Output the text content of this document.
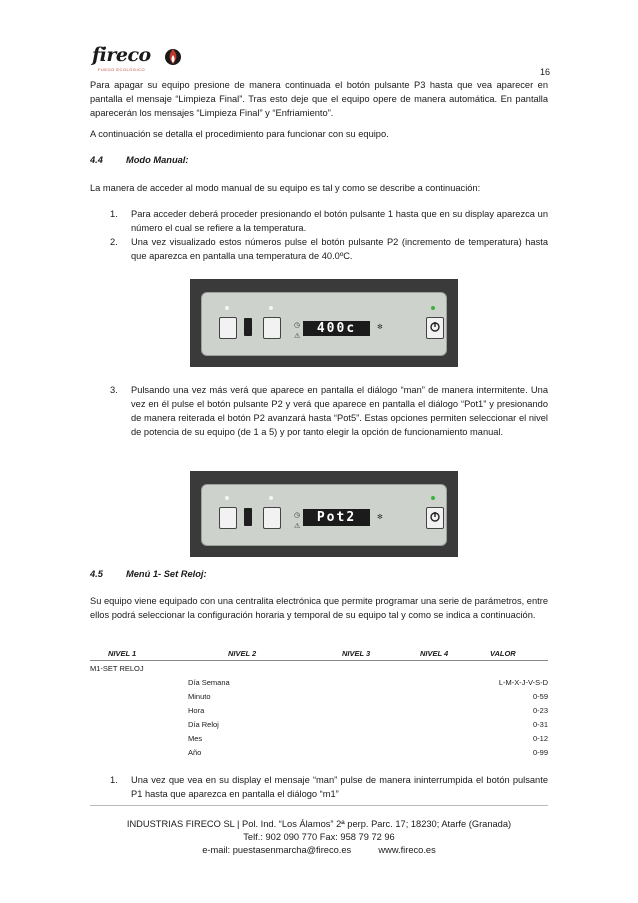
fireco
FUEGO ECOLÓGICO	16

Para apagar su equipo presione de manera continuada el botón pulsante P3 hasta que vea aparecer en pantalla el mensaje “Limpieza Final”. Tras esto deje que el equipo opere de manera automática. En pantalla aparecerán los mensajes “Limpieza Final” y “Enfriamiento”.

A continuación se detalla el procedimiento para funcionar con su equipo.

4.4 Modo Manual:

La manera de acceder al modo manual de su equipo es tal y como se describe a continuación:

1. Para acceder deberá proceder presionando el botón pulsante 1 hasta que en su display aparezca un número el cual se refiere a la temperatura.
2. Una vez visualizado estos números pulse el botón pulsante P2 (incremento de temperatura) hasta que aparezca en pantalla una temperatura de 40.0ºC.
◷
⚠
400c	✻
3. Pulsando una vez más verá que aparece en pantalla el diálogo “man” de manera intermitente. Una vez en él pulse el botón pulsante P2 y verá que aparece en pantalla el diálogo “Pot1” y presionando de manera reiterada el botón P2 avanzará hasta “Pot5”. Estas opciones permiten seleccionar el nivel de potencia de su equipo (de 1 a 5) y por tanto elegir la opción de funcionamiento manual.
◷
⚠
Pot2	✻
4.5 Menú 1- Set Reloj:

Su equipo viene equipado con una centralita electrónica que permite programar una serie de parámetros, entre ellos podrá seleccionar la configuración horaria y temporal de su equipo tal y como se indica a continuación.

NIVEL 1	NIVEL 2	NIVEL 3	NIVEL 4	VALOR
M1-SET RELOJ				
	Día Semana			L-M-X-J-V-S-D
	Minuto			0-59
	Hora			0-23
	Día Reloj			0-31
	Mes			0-12
	Año			0-99
1. Una vez que vea en su display el mensaje “man” pulse de manera ininterrumpida el botón pulsante P1 hasta que aparezca en pantalla el diálogo “m1”
INDUSTRIAS FIRECO SL | Pol. Ind. “Los Álamos” 2ª perp. Parc. 17; 18230; Atarfe (Granada)
Telf.: 902 090 770 Fax: 958 79 72 96
e-mail: puestasenmarcha@fireco.es	www.fireco.es
